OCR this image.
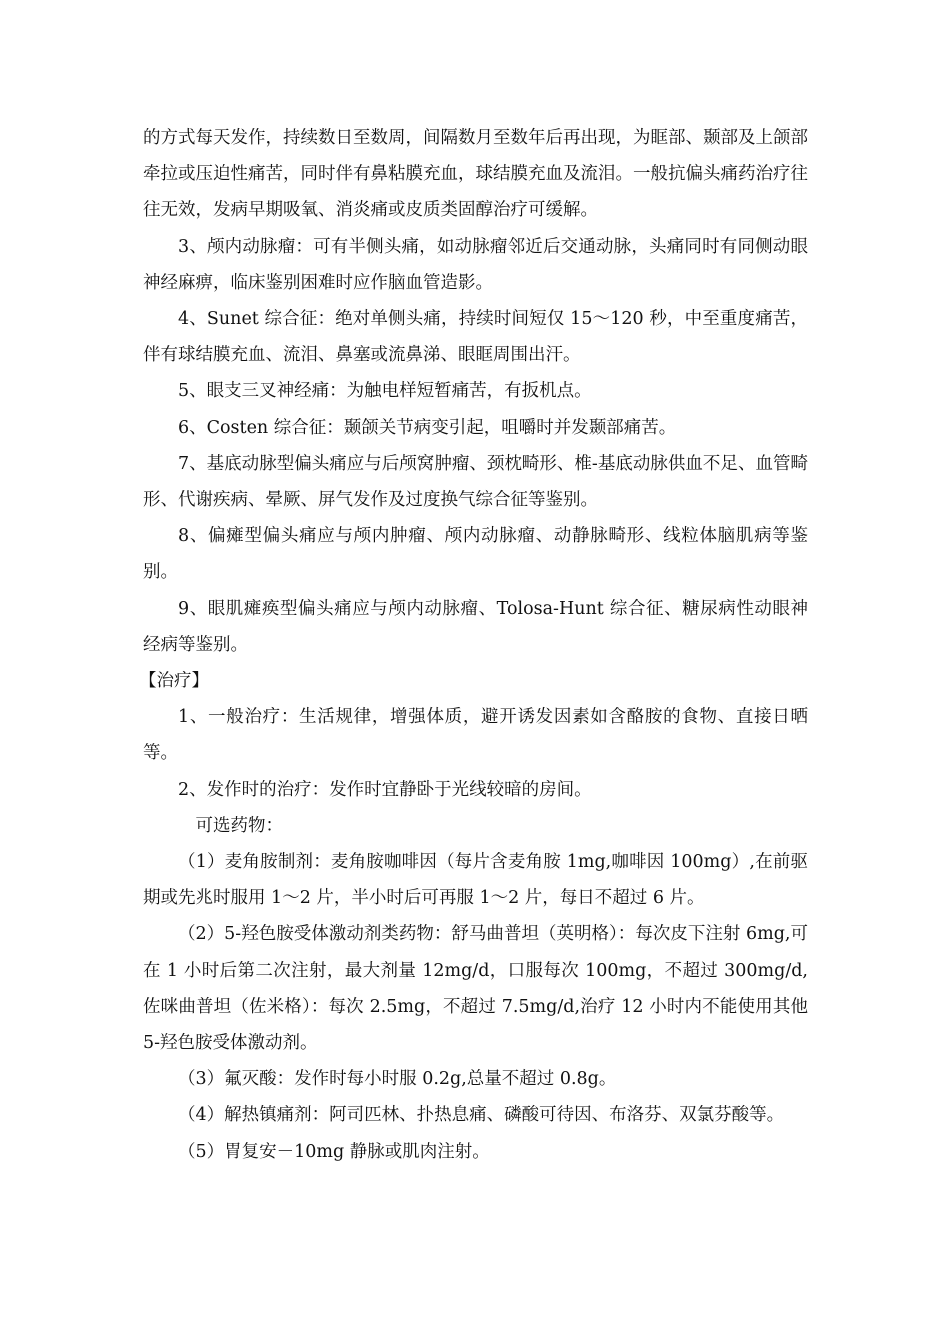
的方式每天发作，持续数日至数周，间隔数月至数年后再出现，为眶部、颞部及上颌部牵拉或压迫性痛苦，同时伴有鼻粘膜充血，球结膜充血及流泪。一般抗偏头痛药治疗往往无效，发病早期吸氧、消炎痛或皮质类固醇治疗可缓解。

3、颅内动脉瘤：可有半侧头痛，如动脉瘤邻近后交通动脉，头痛同时有同侧动眼神经麻痹，临床鉴别困难时应作脑血管造影。

4、Sunet 综合征：绝对单侧头痛，持续时间短仅 15～120 秒，中至重度痛苦，伴有球结膜充血、流泪、鼻塞或流鼻涕、眼眶周围出汗。

5、眼支三叉神经痛：为触电样短暂痛苦，有扳机点。

6、Costen 综合征：颞颌关节病变引起，咀嚼时并发颞部痛苦。

7、基底动脉型偏头痛应与后颅窝肿瘤、颈枕畸形、椎-基底动脉供血不足、血管畸形、代谢疾病、晕厥、屏气发作及过度换气综合征等鉴别。

8、偏瘫型偏头痛应与颅内肿瘤、颅内动脉瘤、动静脉畸形、线粒体脑肌病等鉴别。

9、眼肌瘫痪型偏头痛应与颅内动脉瘤、Tolosa-Hunt 综合征、糖尿病性动眼神经病等鉴别。

【治疗】

1、一般治疗：生活规律，增强体质，避开诱发因素如含酪胺的食物、直接日晒等。

2、发作时的治疗：发作时宜静卧于光线较暗的房间。

可选药物：

（1）麦角胺制剂：麦角胺咖啡因（每片含麦角胺 1mg,咖啡因 100mg）,在前驱期或先兆时服用 1～2 片，半小时后可再服 1～2 片，每日不超过 6 片。

（2）5-羟色胺受体激动剂类药物：舒马曲普坦（英明格）：每次皮下注射 6mg,可在 1 小时后第二次注射，最大剂量 12mg/d，口服每次 100mg，不超过 300mg/d,佐咪曲普坦（佐米格）：每次 2.5mg，不超过 7.5mg/d,治疗 12 小时内不能使用其他 5-羟色胺受体激动剂。

（3）氟灭酸：发作时每小时服 0.2g,总量不超过 0.8g。

（4）解热镇痛剂：阿司匹林、扑热息痛、磷酸可待因、布洛芬、双氯芬酸等。

（5）胃复安－10mg 静脉或肌肉注射。
